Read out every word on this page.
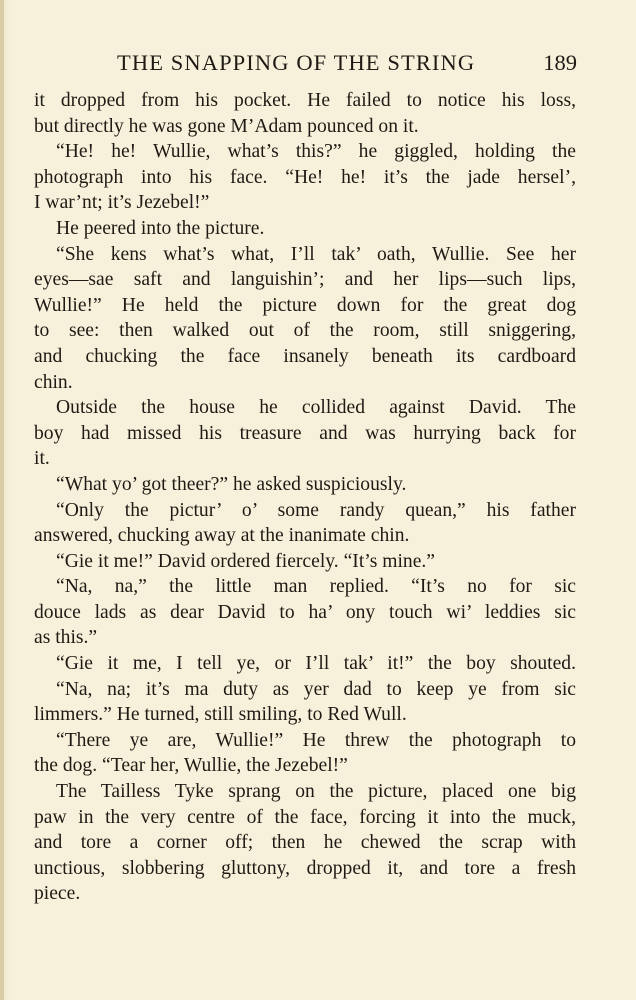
THE SNAPPING OF THE STRING	189
it dropped from his pocket. He failed to notice his loss,
but directly he was gone M’Adam pounced on it.
“He! he! Wullie, what’s this?” he giggled, holding the
photograph into his face. “He! he! it’s the jade hersel’,
I war’nt; it’s Jezebel!”
He peered into the picture.
“She kens what’s what, I’ll tak’ oath, Wullie. See her
eyes—sae saft and languishin’; and her lips—such lips,
Wullie!” He held the picture down for the great dog
to see: then walked out of the room, still sniggering,
and chucking the face insanely beneath its cardboard
chin.
Outside the house he collided against David. The
boy had missed his treasure and was hurrying back for
it.
“What yo’ got theer?” he asked suspiciously.
“Only the pictur’ o’ some randy quean,” his father
answered, chucking away at the inanimate chin.
“Gie it me!” David ordered fiercely. “It’s mine.”
“Na, na,” the little man replied. “It’s no for sic
douce lads as dear David to ha’ ony touch wi’ leddies sic
as this.”
“Gie it me, I tell ye, or I’ll tak’ it!” the boy shouted.
“Na, na; it’s ma duty as yer dad to keep ye from sic
limmers.” He turned, still smiling, to Red Wull.
“There ye are, Wullie!” He threw the photograph to
the dog. “Tear her, Wullie, the Jezebel!”
The Tailless Tyke sprang on the picture, placed one big
paw in the very centre of the face, forcing it into the muck,
and tore a corner off; then he chewed the scrap with
unctious, slobbering gluttony, dropped it, and tore a fresh
piece.
